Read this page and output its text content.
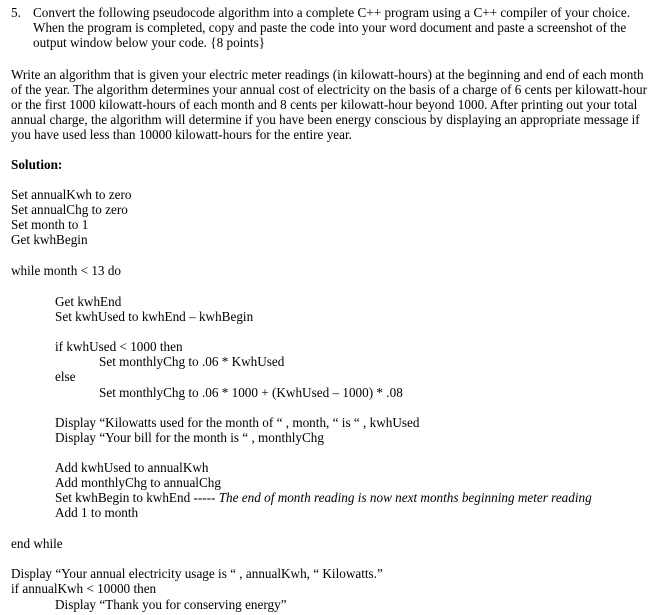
5. Convert the following pseudocode algorithm into a complete C++ program using a C++ compiler of your choice.
When the program is completed, copy and paste the code into your word document and paste a screenshot of the
output window below your code. {8 points}
Write an algorithm that is given your electric meter readings (in kilowatt-hours) at the beginning and end of each month
of the year. The algorithm determines your annual cost of electricity on the basis of a charge of 6 cents per kilowatt-hour
or the first 1000 kilowatt-hours of each month and 8 cents per kilowatt-hour beyond 1000. After printing out your total
annual charge, the algorithm will determine if you have been energy conscious by displaying an appropriate message if
you have used less than 10000 kilowatt-hours for the entire year.
Solution:
Set annualKwh to zero
Set annualChg to zero
Set month to 1
Get kwhBegin
while month < 13 do
Get kwhEnd
Set kwhUsed to kwhEnd – kwhBegin
if kwhUsed < 1000 then
Set monthlyChg to .06 * KwhUsed
else
Set monthlyChg to .06 * 1000 + (KwhUsed – 1000) * .08
Display “Kilowatts used for the month of “ , month, “ is “ , kwhUsed
Display “Your bill for the month is “ , monthlyChg
Add kwhUsed to annualKwh
Add monthlyChg to annualChg
Set kwhBegin to kwhEnd ----- The end of month reading is now next months beginning meter reading
Add 1 to month
end while
Display “Your annual electricity usage is “ , annualKwh, “ Kilowatts.”
if annualKwh < 10000 then
Display “Thank you for conserving energy”
